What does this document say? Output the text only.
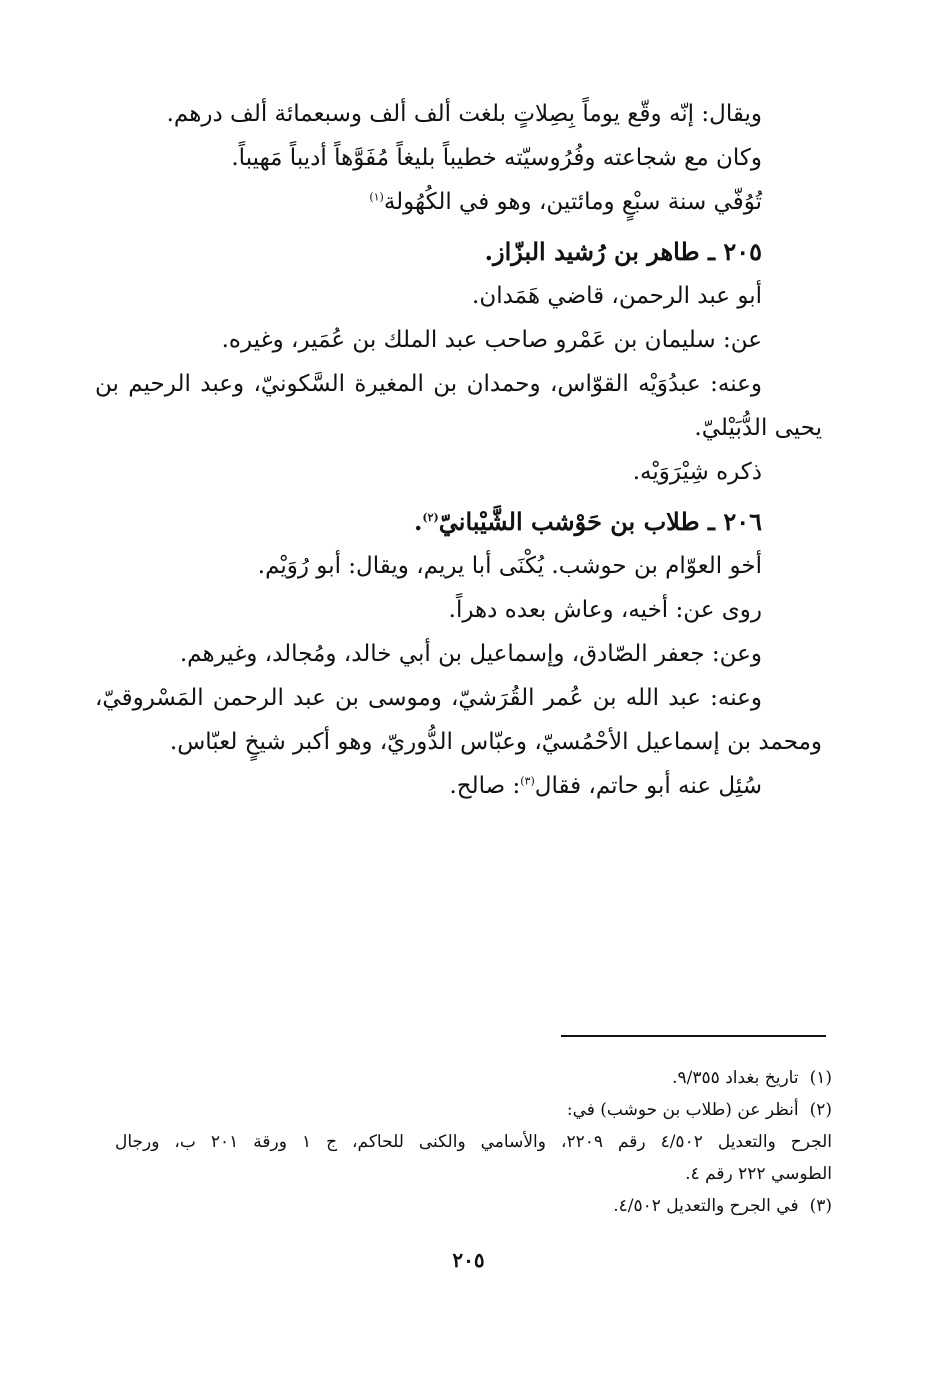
ويقال: إنّه وقّع يوماً بِصِلاتٍ بلغت ألف ألف وسبعمائة ألف درهم.
وكان مع شجاعته وفُرُوسيّته خطيباً بليغاً مُفَوَّهاً أديباً مَهيباً.
تُوُفّي سنة سبْعٍ ومائتين، وهو في الكُهُولة$^{(١)}$
٢٠٥ ـ طاهر بن رُشيد البزّاز.
أبو عبد الرحمن، قاضي هَمَدان.
عن: سليمان بن عَمْرو صاحب عبد الملك بن عُمَير، وغيره.
وعنه: عبدُوَيْه القوّاس، وحمدان بن المغيرة السَّكونيّ، وعبد الرحيم بن
يحيى الدُّبَيْليّ.
ذكره شِيْرَوَيْه.
٢٠٦ ـ طلاب بن حَوْشب الشَّيْبانيّ$^{(٢)}$.
أخو العوّام بن حوشب. يُكْنَى أبا يريم، ويقال: أبو رُوَيْم.
روى عن: أخيه، وعاش بعده دهراً.
وعن: جعفر الصّادق، وإسماعيل بن أبي خالد، ومُجالد، وغيرهم.
وعنه: عبد الله بن عُمر القُرَشيّ، وموسى بن عبد الرحمن المَسْروقيّ،
ومحمد بن إسماعيل الأحْمُسيّ، وعبّاس الدُّوريّ، وهو أكبر شيخٍ لعبّاس.
سُئِل عنه أبو حاتم، فقال$^{(٣)}$: صالح.
(١) تاريخ بغداد ٩/٣٥٥.
(٢) أنظر عن (طلاب بن حوشب) في:
الجرح والتعديل ٤/٥٠٢ رقم ٢٢٠٩، والأسامي والكنى للحاكم، ج ١ ورقة ٢٠١ ب، ورجال
الطوسي ٢٢٢ رقم ٤.
(٣) في الجرح والتعديل ٤/٥٠٢.
٢٠٥
